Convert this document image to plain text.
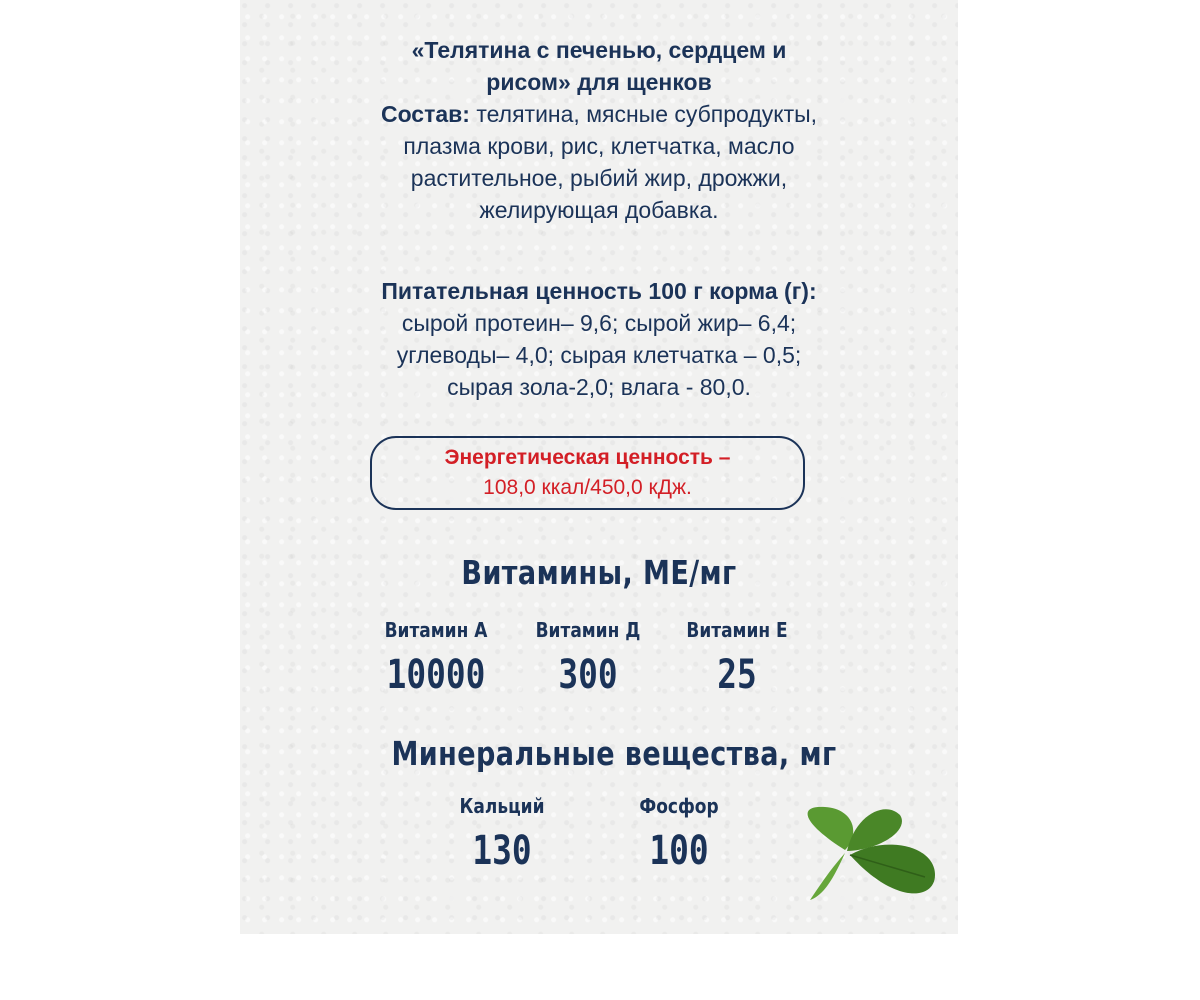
«Телятина с печенью, сердцем и
рисом» для щенков
Состав: телятина, мясные субпродукты,
плазма крови, рис, клетчатка, масло
растительное, рыбий жир, дрожжи,
желирующая добавка.
Питательная ценность 100 г корма (г):
сырой протеин– 9,6; сырой жир– 6,4;
углеводы– 4,0; сырая клетчатка – 0,5;
сырая зола-2,0; влага - 80,0.
Энергетическая ценность –
108,0 ккал/450,0 кДж.
Витамины, МЕ/мг
Витамин А
10000
Витамин Д
300
Витамин Е
25
Минеральные вещества, мг
Кальций
130
Фосфор
100
